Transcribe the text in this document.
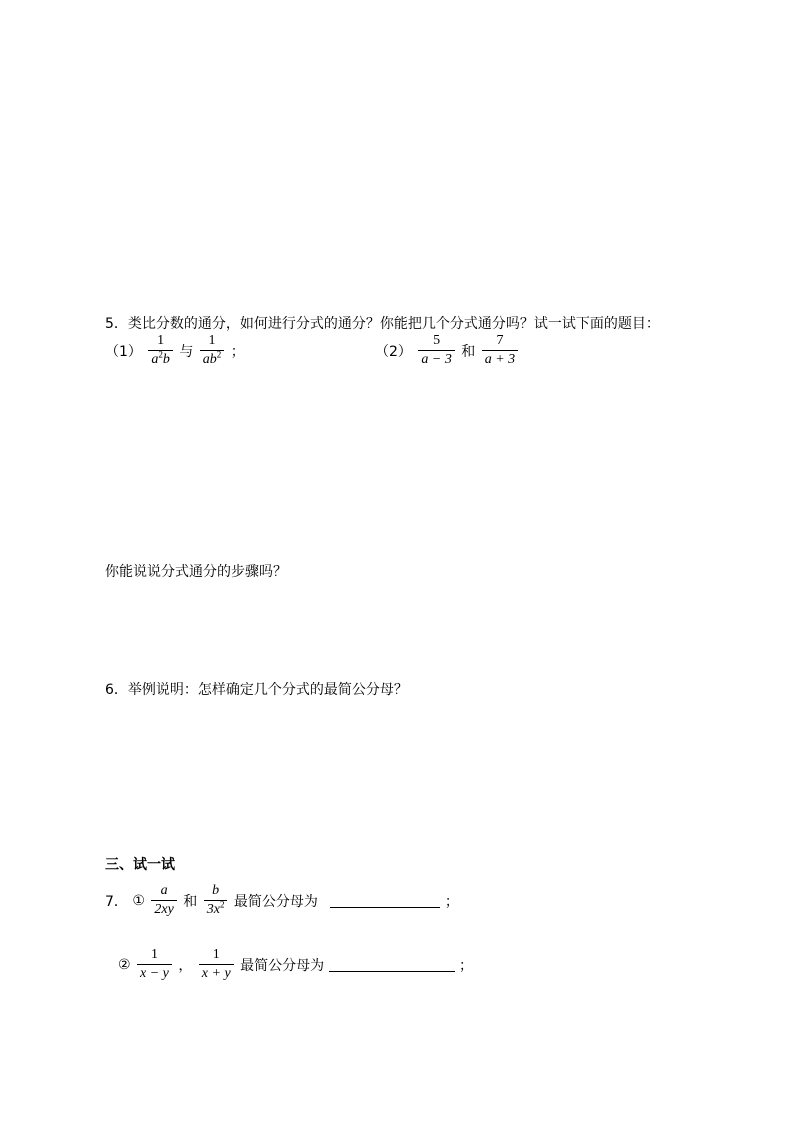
5．类比分数的通分，如何进行分式的通分？你能把几个分式通分吗？试一试下面的题目：
$(1) \frac{1}{a^2b}$ 与 $\frac{1}{ab^2}$ ；	$(2) \frac{5}{a - 3}$ 和 $\frac{7}{a + 3}$
你能说说分式通分的步骤吗？
6．举例说明：怎样确定几个分式的最简公分母？
三、试一试
7． ① $\frac{a}{2xy}$ 和 $\frac{b}{3x^2}$ 最简公分母为	；
② $\frac{1}{x - y}$ ， $\frac{1}{x + y}$ 最简公分母为	；
